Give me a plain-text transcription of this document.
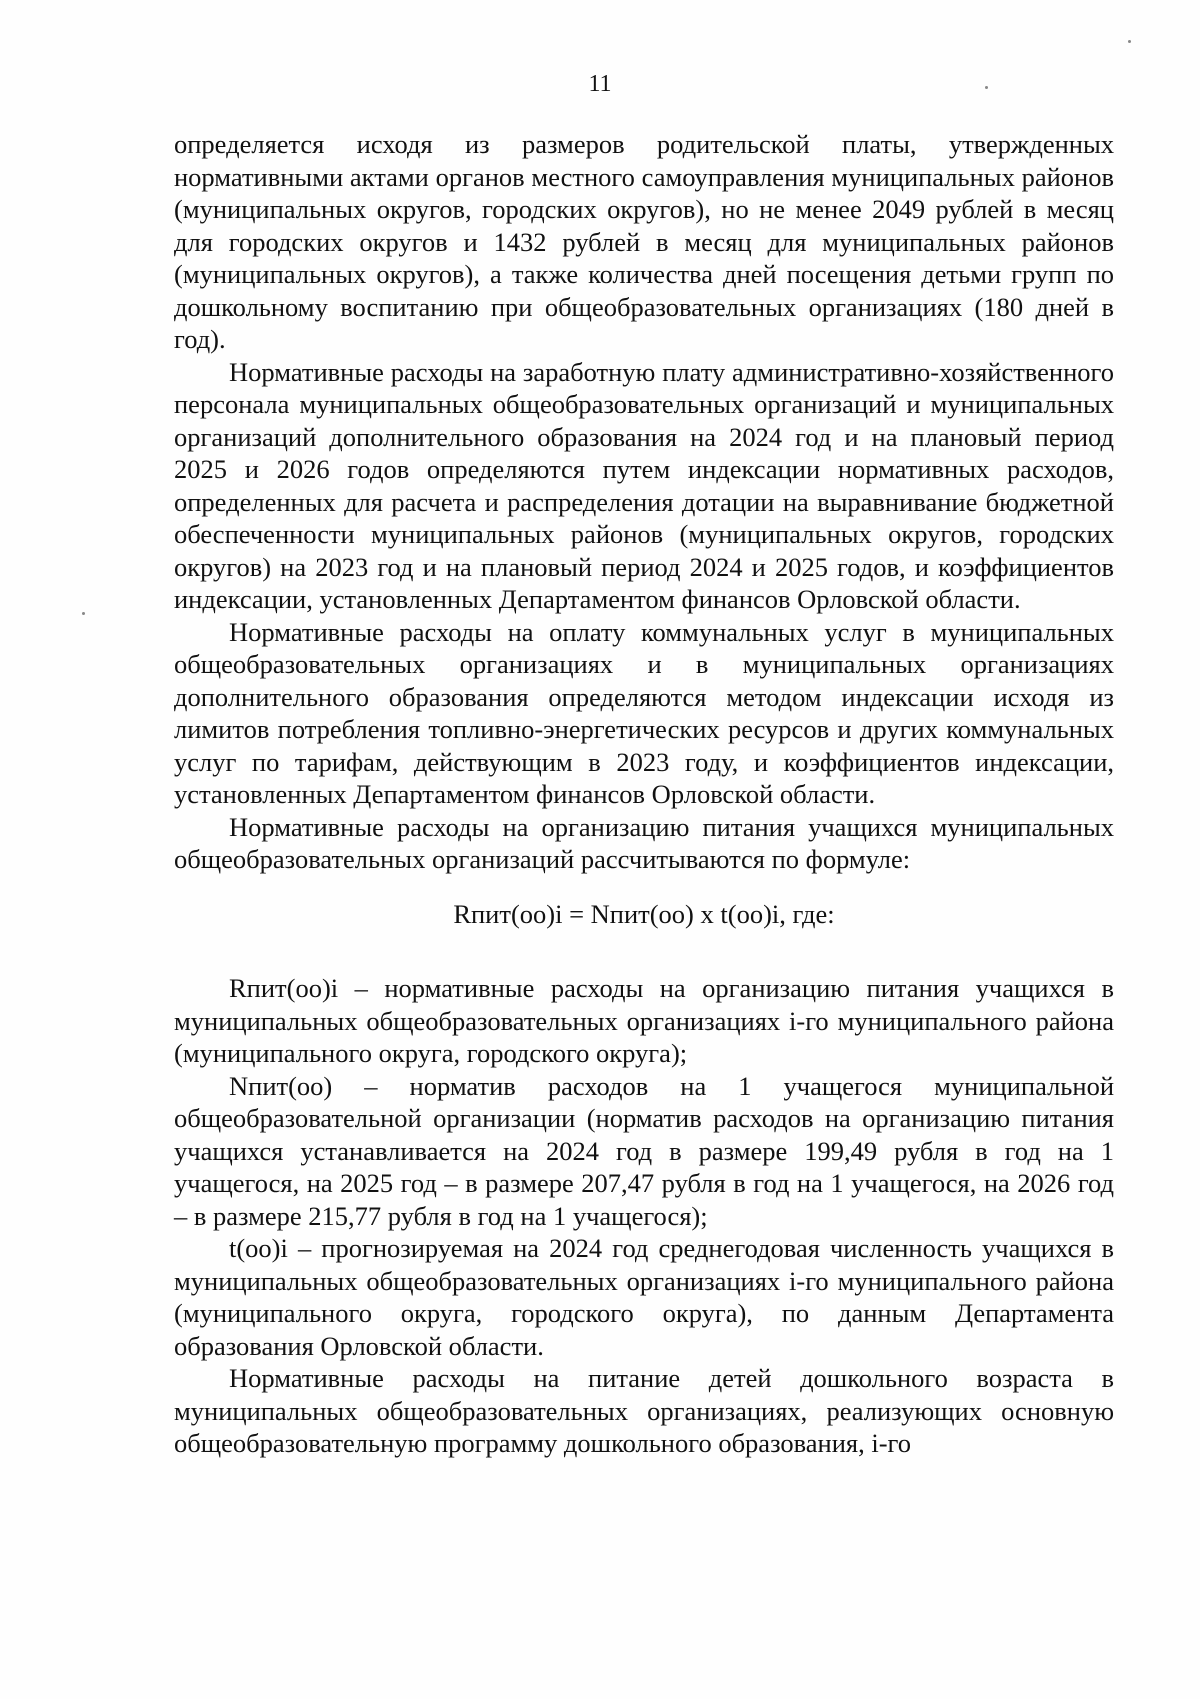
11

определяется исходя из размеров родительской платы, утвержденных нормативными актами органов местного самоуправления муниципальных районов (муниципальных округов, городских округов), но не менее 2049 рублей в месяц для городских округов и 1432 рублей в месяц для муниципальных районов (муниципальных округов), а также количества дней посещения детьми групп по дошкольному воспитанию при общеобразовательных организациях (180 дней в год).

Нормативные расходы на заработную плату административно-хозяйственного персонала муниципальных общеобразовательных организаций и муниципальных организаций дополнительного образования на 2024 год и на плановый период 2025 и 2026 годов определяются путем индексации нормативных расходов, определенных для расчета и распределения дотации на выравнивание бюджетной обеспеченности муниципальных районов (муниципальных округов, городских округов) на 2023 год и на плановый период 2024 и 2025 годов, и коэффициентов индексации, установленных Департаментом финансов Орловской области.

Нормативные расходы на оплату коммунальных услуг в муниципальных общеобразовательных организациях и в муниципальных организациях дополнительного образования определяются методом индексации исходя из лимитов потребления топливно-энергетических ресурсов и других коммунальных услуг по тарифам, действующим в 2023 году, и коэффициентов индексации, установленных Департаментом финансов Орловской области.

Нормативные расходы на организацию питания учащихся муниципальных общеобразовательных организаций рассчитываются по формуле:

Rпит(оо)i = Nпит(оо) x t(оо)i, где:

Rпит(оо)i – нормативные расходы на организацию питания учащихся в муниципальных общеобразовательных организациях i-го муниципального района (муниципального округа, городского округа);

Nпит(оо) – норматив расходов на 1 учащегося муниципальной общеобразовательной организации (норматив расходов на организацию питания учащихся устанавливается на 2024 год в размере 199,49 рубля в год на 1 учащегося, на 2025 год – в размере 207,47 рубля в год на 1 учащегося, на 2026 год – в размере 215,77 рубля в год на 1 учащегося);

t(оо)i – прогнозируемая на 2024 год среднегодовая численность учащихся в муниципальных общеобразовательных организациях i-го муниципального района (муниципального округа, городского округа), по данным Департамента образования Орловской области.

Нормативные расходы на питание детей дошкольного возраста в муниципальных общеобразовательных организациях, реализующих основную общеобразовательную программу дошкольного образования, i-го
